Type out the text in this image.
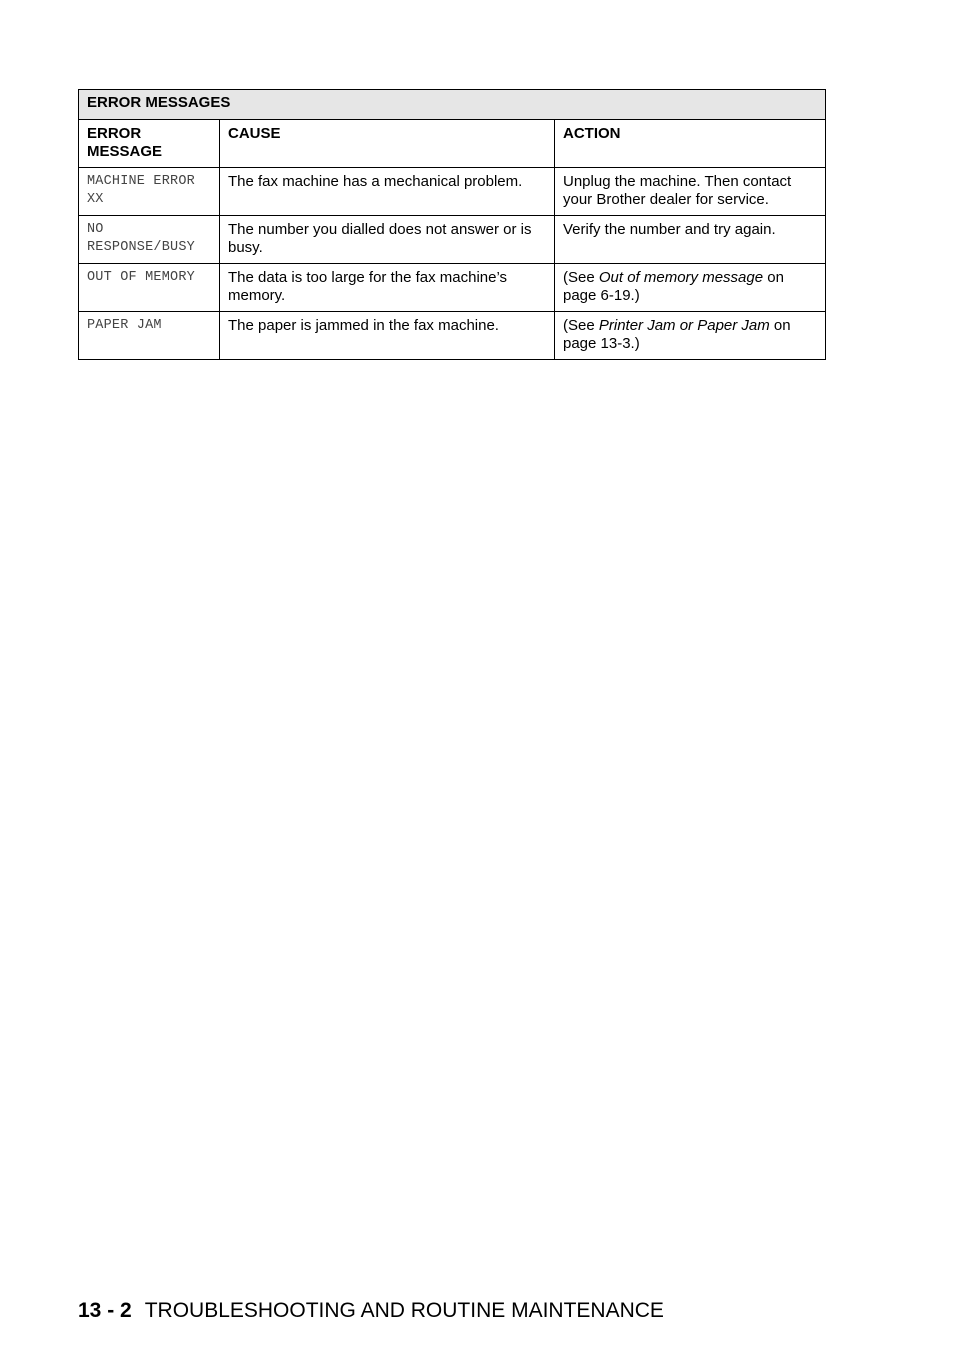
ERROR MESSAGES		
ERROR MESSAGE	CAUSE	ACTION
MACHINE ERROR XX	The fax machine has a mechanical problem.	Unplug the machine. Then contact your Brother dealer for service.
NO RESPONSE/BUSY	The number you dialled does not answer or is busy.	Verify the number and try again.
OUT OF MEMORY	The data is too large for the fax machine’s memory.	(See Out of memory message on page 6-19.)
PAPER JAM	The paper is jammed in the fax machine.	(See Printer Jam or Paper Jam on page 13-3.)
13 - 2 TROUBLESHOOTING AND ROUTINE MAINTENANCE
